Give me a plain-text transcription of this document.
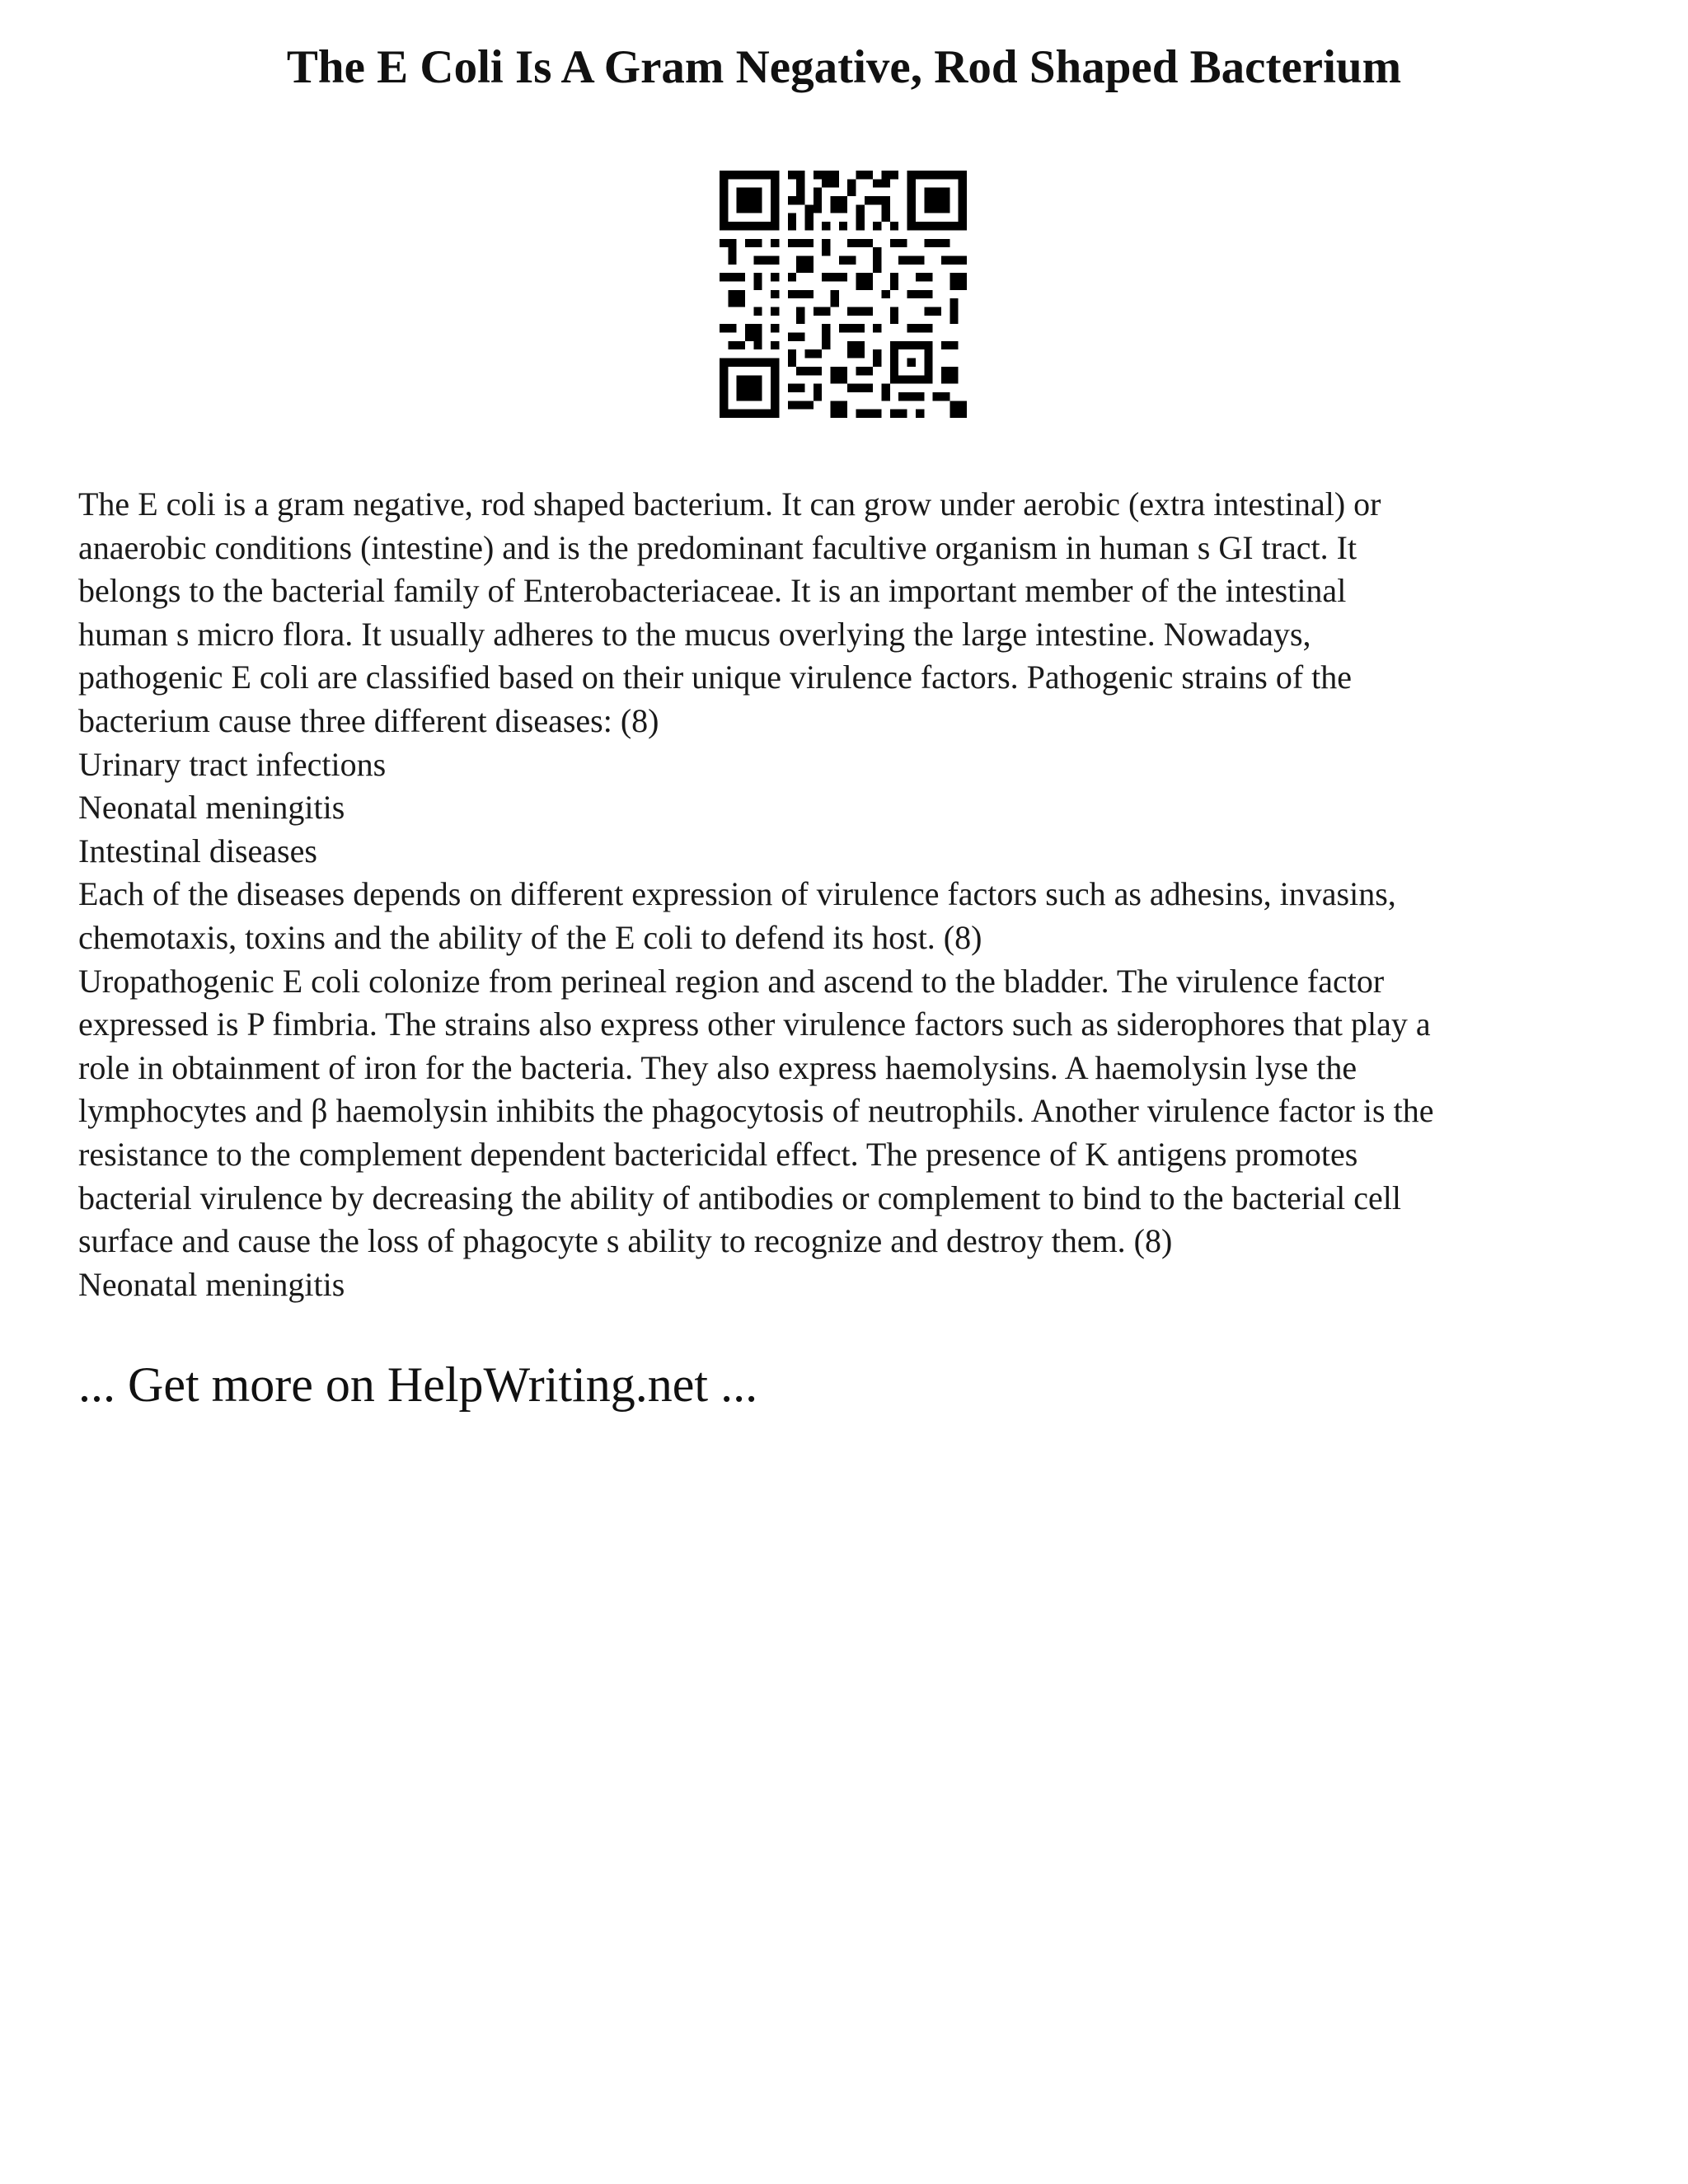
The E Coli Is A Gram Negative, Rod Shaped Bacterium
The E coli is a gram negative, rod shaped bacterium. It can grow under aerobic (extra intestinal) or
anaerobic conditions (intestine) and is the predominant facultive organism in human s GI tract. It
belongs to the bacterial family of Enterobacteriaceae. It is an important member of the intestinal
human s micro flora. It usually adheres to the mucus overlying the large intestine. Nowadays,
pathogenic E coli are classified based on their unique virulence factors. Pathogenic strains of the
bacterium cause three different diseases: (8)
Urinary tract infections
Neonatal meningitis
Intestinal diseases
Each of the diseases depends on different expression of virulence factors such as adhesins, invasins,
chemotaxis, toxins and the ability of the E coli to defend its host. (8)
Uropathogenic E coli colonize from perineal region and ascend to the bladder. The virulence factor
expressed is P fimbria. The strains also express other virulence factors such as siderophores that play a
role in obtainment of iron for the bacteria. They also express haemolysins. A haemolysin lyse the
lymphocytes and β haemolysin inhibits the phagocytosis of neutrophils. Another virulence factor is the
resistance to the complement dependent bactericidal effect. The presence of K antigens promotes
bacterial virulence by decreasing the ability of antibodies or complement to bind to the bacterial cell
surface and cause the loss of phagocyte s ability to recognize and destroy them. (8)
Neonatal meningitis
... Get more on HelpWriting.net ...
